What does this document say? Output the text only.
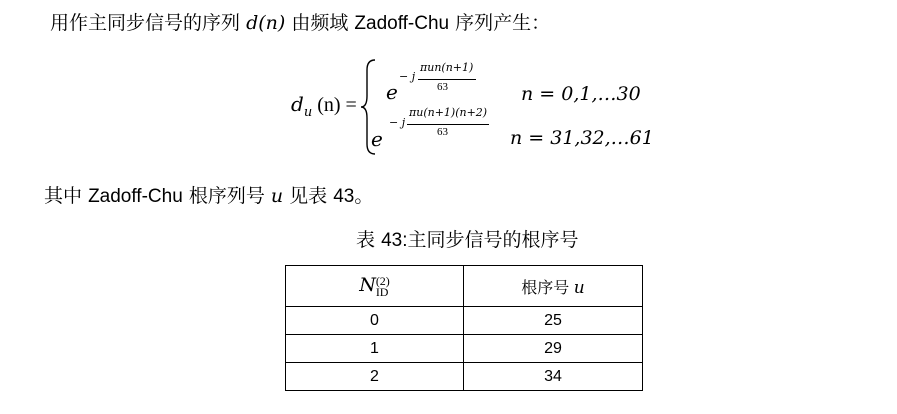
用作主同步信号的序列 d(n) 由频域 Zadoff-Chu 序列产生：
$d_u$ (n) =
e
− j
πun(n+1)
63	n = 0,1,…30
e
− j
πu(n+1)(n+2)
63	n = 31,32,…61
其中 Zadoff-Chu 根序列号 u 见表 43。
表 43:主同步信号的根序号
N (2)
ID	根序号 u
0	25
1	29
2	34
